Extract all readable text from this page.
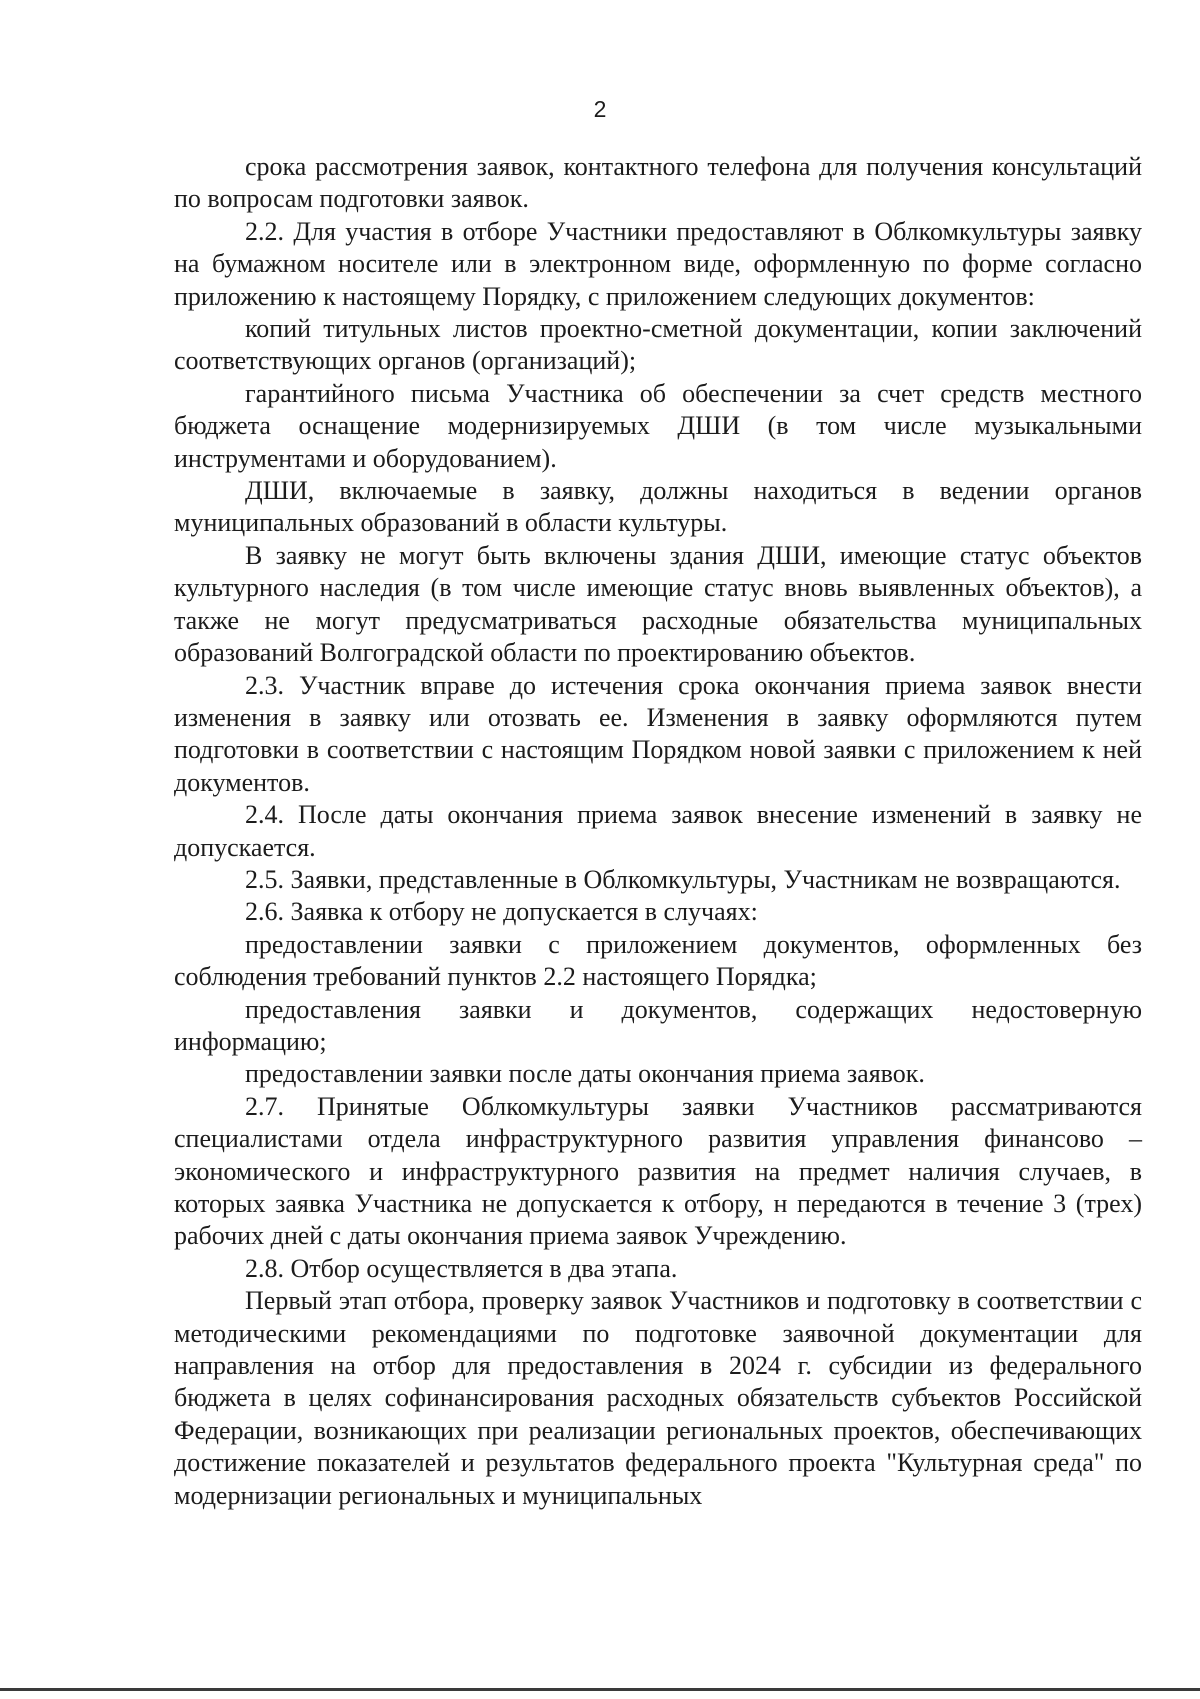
2

срока рассмотрения заявок, контактного телефона для получения консультаций по вопросам подготовки заявок.

2.2. Для участия в отборе Участники предоставляют в Облкомкультуры заявку на бумажном носителе или в электронном виде, оформленную по форме согласно приложению к настоящему Порядку, с приложением следующих документов:

копий титульных листов проектно-сметной документации, копии заключений соответствующих органов (организаций);

гарантийного письма Участника об обеспечении за счет средств местного бюджета оснащение модернизируемых ДШИ (в том числе музыкальными инструментами и оборудованием).

ДШИ, включаемые в заявку, должны находиться в ведении органов муниципальных образований в области культуры.

В заявку не могут быть включены здания ДШИ, имеющие статус объектов культурного наследия (в том числе имеющие статус вновь выявленных объектов), а также не могут предусматриваться расходные обязательства муниципальных образований Волгоградской области по проектированию объектов.

2.3. Участник вправе до истечения срока окончания приема заявок внести изменения в заявку или отозвать ее. Изменения в заявку оформляются путем подготовки в соответствии с настоящим Порядком новой заявки с приложением к ней документов.

2.4. После даты окончания приема заявок внесение изменений в заявку не допускается.

2.5. Заявки, представленные в Облкомкультуры, Участникам не возвращаются.

2.6. Заявка к отбору не допускается в случаях:

предоставлении заявки с приложением документов, оформленных без соблюдения требований пунктов 2.2 настоящего Порядка;

предоставления заявки и документов, содержащих недостоверную информацию;

предоставлении заявки после даты окончания приема заявок.

2.7. Принятые Облкомкультуры заявки Участников рассматриваются специалистами отдела инфраструктурного развития управления финансово – экономического и инфраструктурного развития на предмет наличия случаев, в которых заявка Участника не допускается к отбору, н передаются в течение 3 (трех) рабочих дней с даты окончания приема заявок Учреждению.

2.8. Отбор осуществляется в два этапа.

Первый этап отбора, проверку заявок Участников и подготовку в соответствии с методическими рекомендациями по подготовке заявочной документации для направления на отбор для предоставления в 2024 г. субсидии из федерального бюджета в целях софинансирования расходных обязательств субъектов Российской Федерации, возникающих при реализации региональных проектов, обеспечивающих достижение показателей и результатов федерального проекта "Культурная среда" по модернизации региональных и муниципальных
